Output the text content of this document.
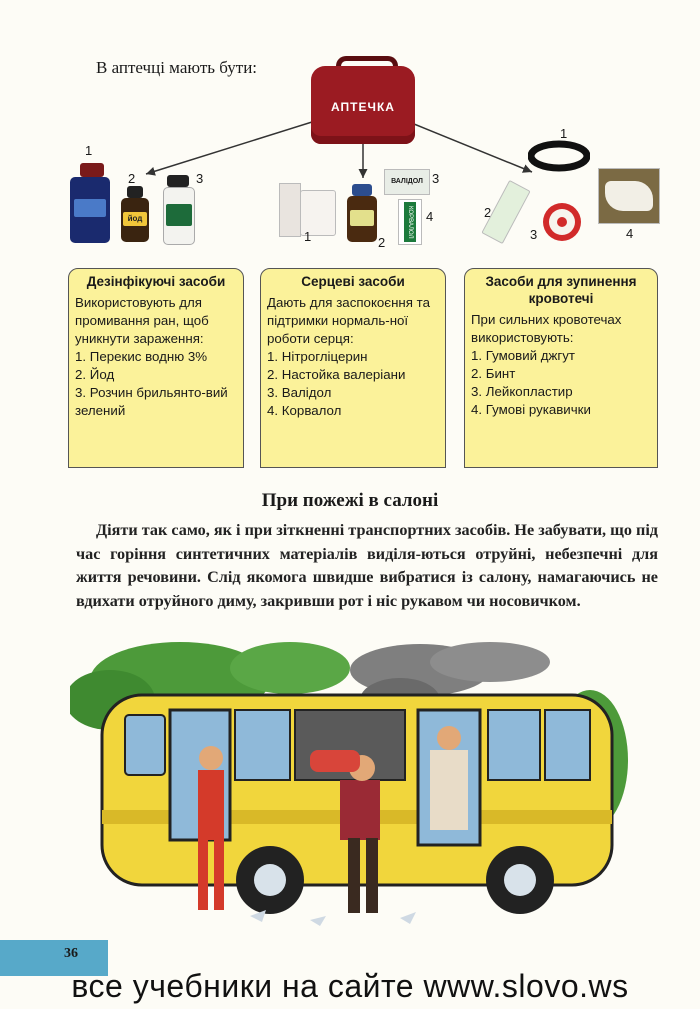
В аптечці мають бути:
АПТЕЧКА
1
2	3
йод
1	2
ВАЛІДОЛ 3
КОРВАЛОЛ 4
1
2
3	4
Дезінфікуючі засоби
Використовують для промивання ран, щоб уникнути зараження:
1. Перекис водню 3%
2. Йод
3. Розчин брильянто-вий зелений
Серцеві засоби
Дають для заспокоєння та підтримки нормаль-ної роботи серця:
1. Нітрогліцерин
2. Настойка валеріани
3. Валідол
4. Корвалол
Засоби для зупинення кровотечі
При сильних кровотечах використовують:
1. Гумовий джгут
2. Бинт
3. Лейкопластир
4. Гумові рукавички
При пожежі в салоні
Діяти так само, як і при зіткненні транспортних засобів. Не забувати, що під час горіння синтетичних матеріалів виділя-ються отруйні, небезпечні для життя речовини. Слід якомога швидше вибратися із салону, намагаючись не вдихати отруйного диму, закривши рот і ніс рукавом чи носовичком.
36
все учебники на сайте www.slovo.ws
